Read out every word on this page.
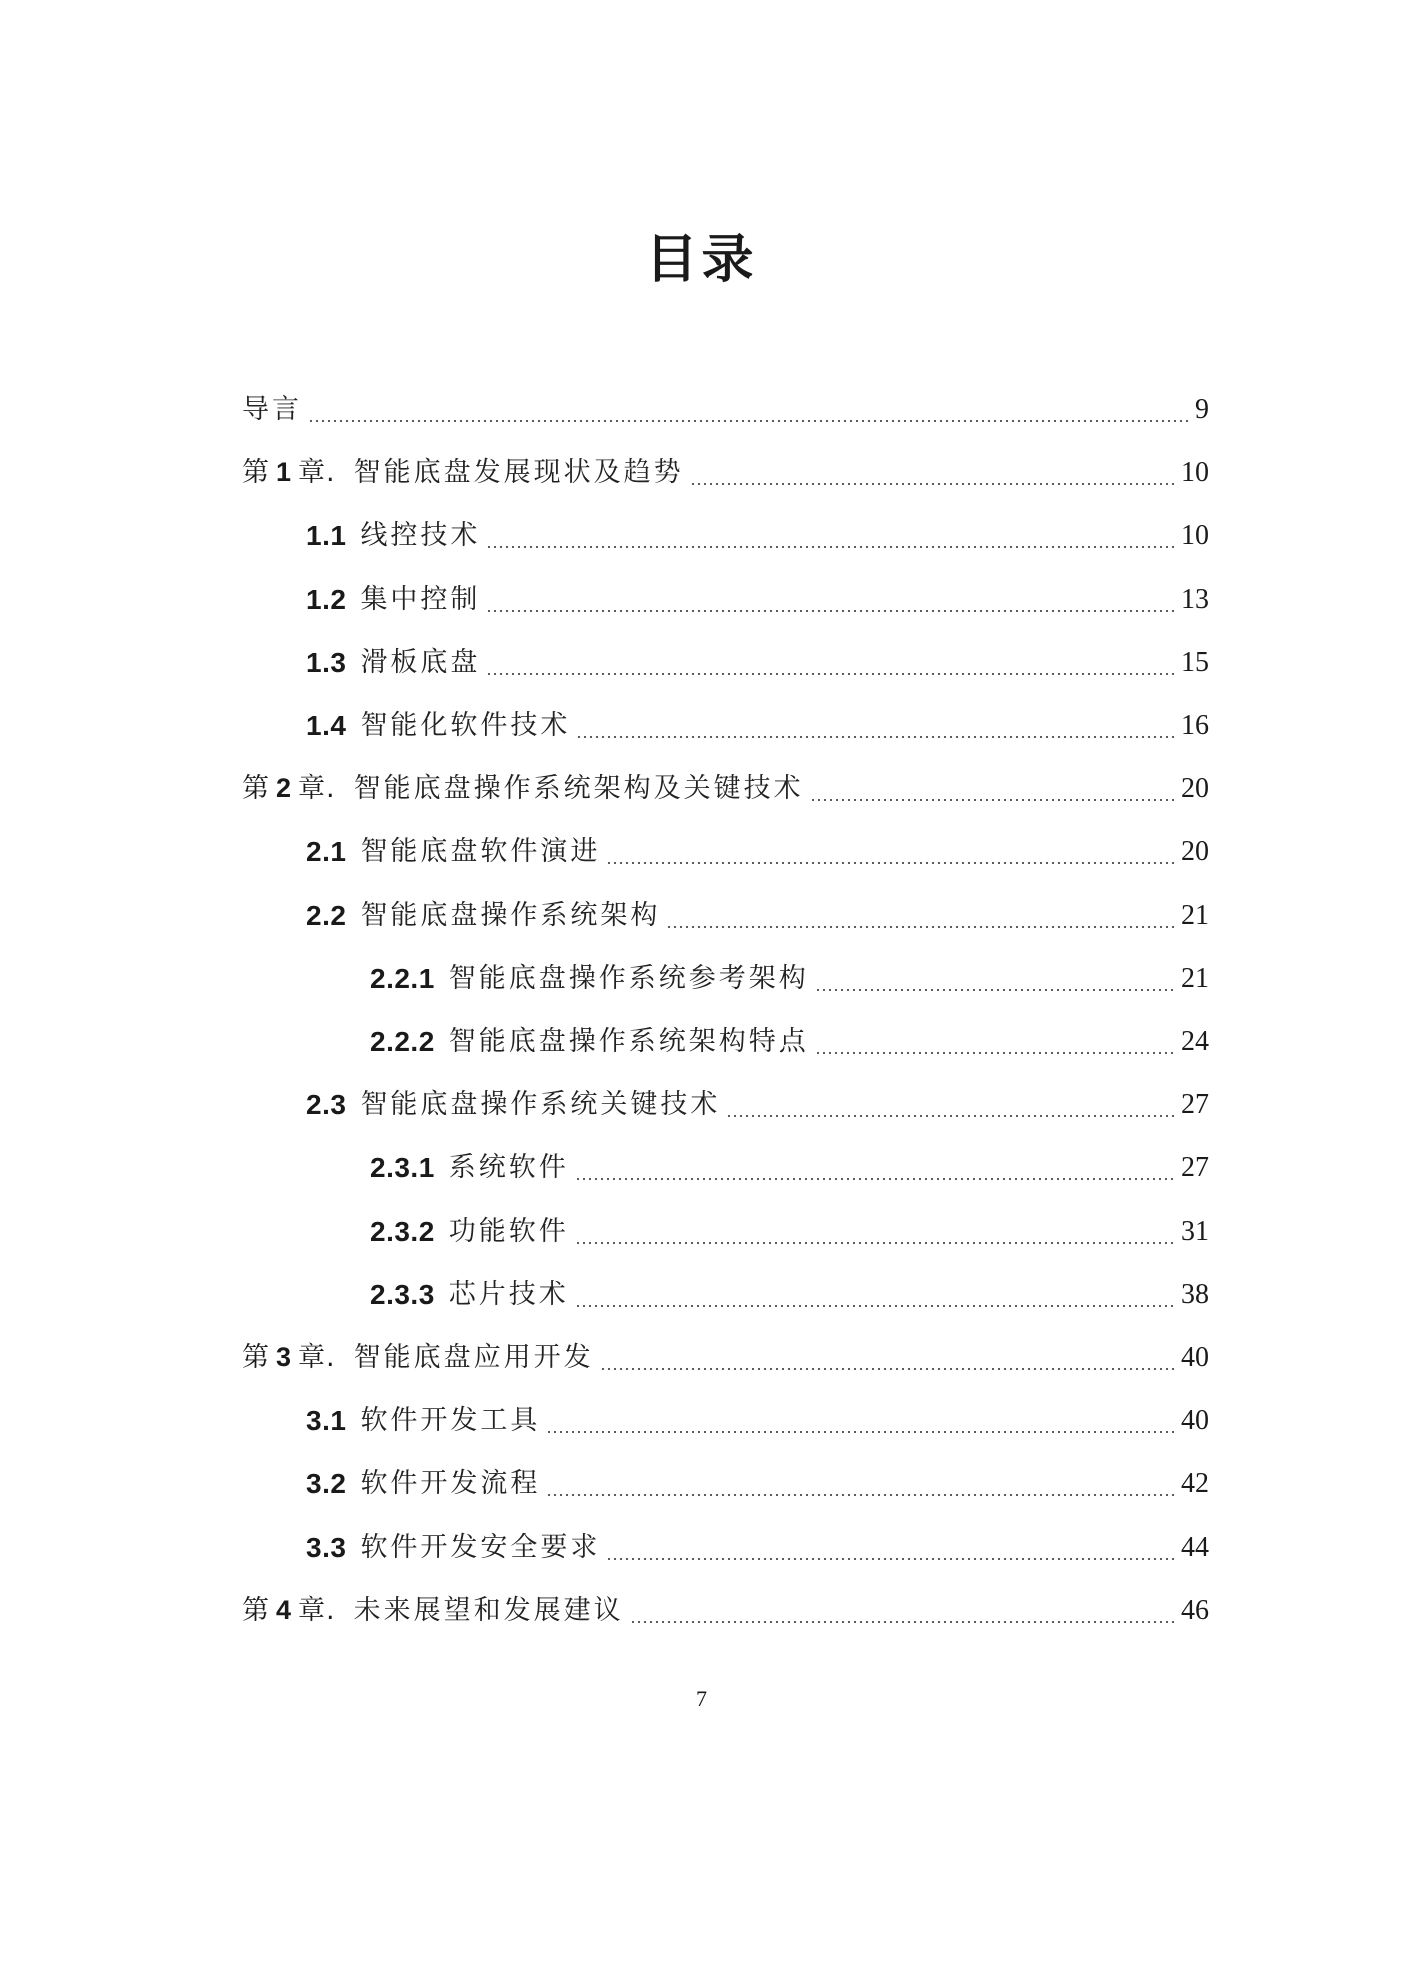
目录
导言	9
第 1 章. 智能底盘发展现状及趋势	10
1.1 线控技术	10
1.2 集中控制	13
1.3 滑板底盘	15
1.4 智能化软件技术	16
第 2 章. 智能底盘操作系统架构及关键技术	20
2.1 智能底盘软件演进	20
2.2 智能底盘操作系统架构	21
2.2.1 智能底盘操作系统参考架构	21
2.2.2 智能底盘操作系统架构特点	24
2.3 智能底盘操作系统关键技术	27
2.3.1 系统软件	27
2.3.2 功能软件	31
2.3.3 芯片技术	38
第 3 章. 智能底盘应用开发	40
3.1 软件开发工具	40
3.2 软件开发流程	42
3.3 软件开发安全要求	44
第 4 章. 未来展望和发展建议	46

7
